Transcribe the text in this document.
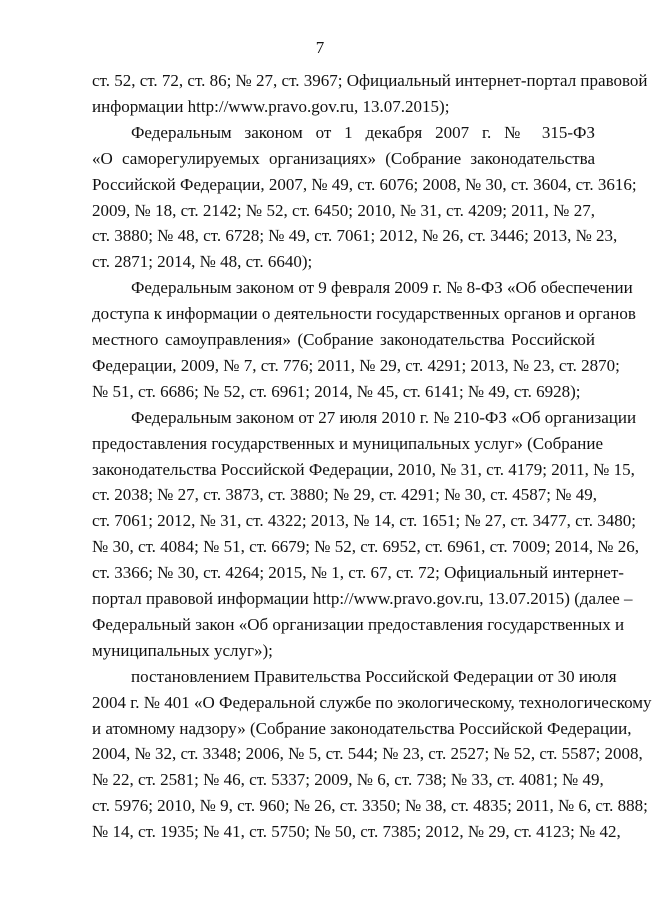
7
ст. 52, ст. 72, ст. 86; № 27, ст. 3967; Официальный интернет-портал правовой
информации http://www.pravo.gov.ru, 13.07.2015);
Федеральным законом от 1 декабря 2007 г. № 315-ФЗ
«О саморегулируемых организациях» (Собрание законодательства
Российской Федерации, 2007, № 49, ст. 6076; 2008, № 30, ст. 3604, ст. 3616;
2009, № 18, ст. 2142; № 52, ст. 6450; 2010, № 31, ст. 4209; 2011, № 27,
ст. 3880; № 48, ст. 6728; № 49, ст. 7061; 2012, № 26, ст. 3446; 2013, № 23,
ст. 2871; 2014, № 48, ст. 6640);
Федеральным законом от 9 февраля 2009 г. № 8-ФЗ «Об обеспечении
доступа к информации о деятельности государственных органов и органов
местного самоуправления» (Собрание законодательства Российской
Федерации, 2009, № 7, ст. 776; 2011, № 29, ст. 4291; 2013, № 23, ст. 2870;
№ 51, ст. 6686; № 52, ст. 6961; 2014, № 45, ст. 6141; № 49, ст. 6928);
Федеральным законом от 27 июля 2010 г. № 210-ФЗ «Об организации
предоставления государственных и муниципальных услуг» (Собрание
законодательства Российской Федерации, 2010, № 31, ст. 4179; 2011, № 15,
ст. 2038; № 27, ст. 3873, ст. 3880; № 29, ст. 4291; № 30, ст. 4587; № 49,
ст. 7061; 2012, № 31, ст. 4322; 2013, № 14, ст. 1651; № 27, ст. 3477, ст. 3480;
№ 30, ст. 4084; № 51, ст. 6679; № 52, ст. 6952, ст. 6961, ст. 7009; 2014, № 26,
ст. 3366; № 30, ст. 4264; 2015, № 1, ст. 67, ст. 72; Официальный интернет-
портал правовой информации http://www.pravo.gov.ru, 13.07.2015) (далее –
Федеральный закон «Об организации предоставления государственных и
муниципальных услуг»);
постановлением Правительства Российской Федерации от 30 июля
2004 г. № 401 «О Федеральной службе по экологическому, технологическому
и атомному надзору» (Собрание законодательства Российской Федерации,
2004, № 32, ст. 3348; 2006, № 5, ст. 544; № 23, ст. 2527; № 52, ст. 5587; 2008,
№ 22, ст. 2581; № 46, ст. 5337; 2009, № 6, ст. 738; № 33, ст. 4081; № 49,
ст. 5976; 2010, № 9, ст. 960; № 26, ст. 3350; № 38, ст. 4835; 2011, № 6, ст. 888;
№ 14, ст. 1935; № 41, ст. 5750; № 50, ст. 7385; 2012, № 29, ст. 4123; № 42,
